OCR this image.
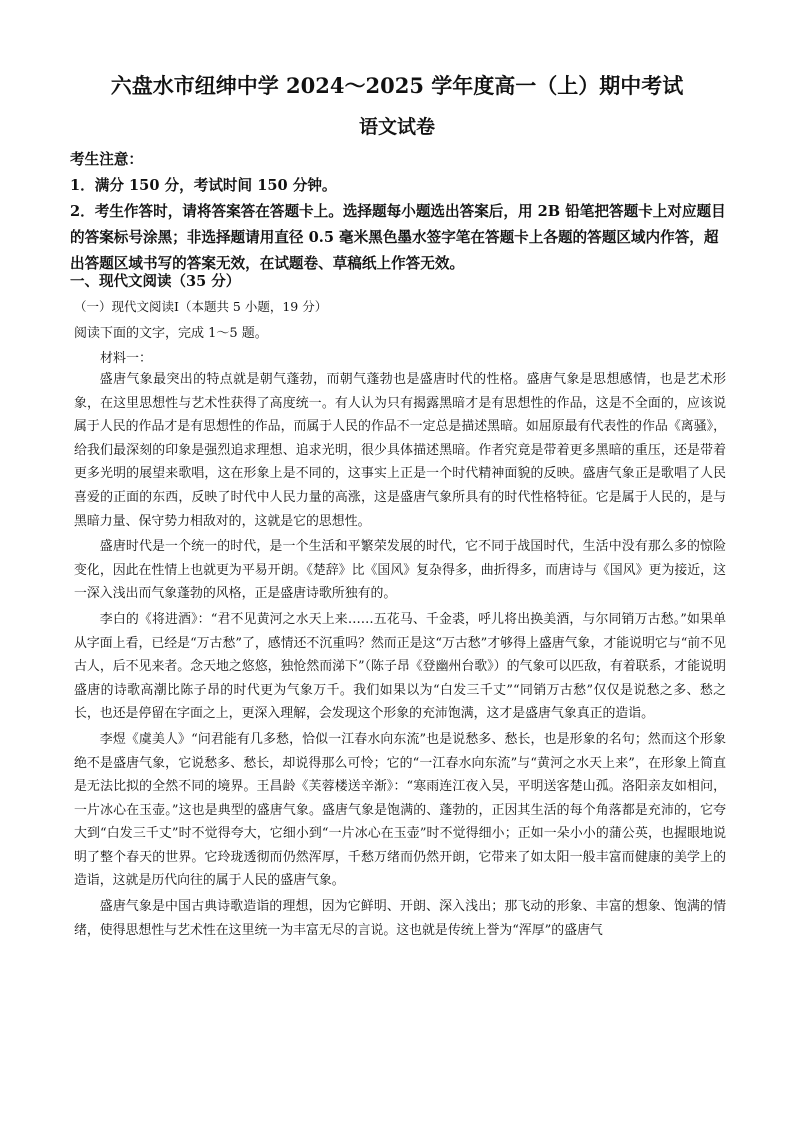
六盘水市纽绅中学 2024～2025 学年度高一（上）期中考试
语文试卷

考生注意：

1．满分 150 分，考试时间 150 分钟。

2．考生作答时，请将答案答在答题卡上。选择题每小题选出答案后，用 2B 铅笔把答题卡上对应题目的答案标号涂黑；非选择题请用直径 0.5 毫米黑色墨水签字笔在答题卡上各题的答题区域内作答，超出答题区域书写的答案无效，在试题卷、草稿纸上作答无效。

一、现代文阅读（35 分）
（一）现代文阅读Ⅰ（本题共 5 小题，19 分）
阅读下面的文字，完成 1～5 题。
材料一：

盛唐气象最突出的特点就是朝气蓬勃，而朝气蓬勃也是盛唐时代的性格。盛唐气象是思想感情，也是艺术形象，在这里思想性与艺术性获得了高度统一。有人认为只有揭露黑暗才是有思想性的作品，这是不全面的，应该说属于人民的作品才是有思想性的作品，而属于人民的作品不一定总是描述黑暗。如屈原最有代表性的作品《离骚》，给我们最深刻的印象是强烈追求理想、追求光明，很少具体描述黑暗。作者究竟是带着更多黑暗的重压，还是带着更多光明的展望来歌唱，这在形象上是不同的，这事实上正是一个时代精神面貌的反映。盛唐气象正是歌唱了人民喜爱的正面的东西，反映了时代中人民力量的高涨，这是盛唐气象所具有的时代性格特征。它是属于人民的，是与黑暗力量、保守势力相敌对的，这就是它的思想性。

盛唐时代是一个统一的时代，是一个生活和平繁荣发展的时代，它不同于战国时代，生活中没有那么多的惊险变化，因此在性情上也就更为平易开朗。《楚辞》比《国风》复杂得多，曲折得多，而唐诗与《国风》更为接近，这一深入浅出而气象蓬勃的风格，正是盛唐诗歌所独有的。

李白的《将进酒》：“君不见黄河之水天上来……五花马、千金裘，呼儿将出换美酒，与尔同销万古愁。”如果单从字面上看，已经是“万古愁”了，感情还不沉重吗？然而正是这“万古愁”才够得上盛唐气象，才能说明它与“前不见古人，后不见来者。念天地之悠悠，独怆然而涕下”（陈子昂《登幽州台歌》）的气象可以匹敌，有着联系，才能说明盛唐的诗歌高潮比陈子昂的时代更为气象万千。我们如果以为“白发三千丈”“同销万古愁”仅仅是说愁之多、愁之长，也还是停留在字面之上，更深入理解，会发现这个形象的充沛饱满，这才是盛唐气象真正的造诣。

李煜《虞美人》“问君能有几多愁，恰似一江春水向东流”也是说愁多、愁长，也是形象的名句；然而这个形象绝不是盛唐气象，它说愁多、愁长，却说得那么可怜；它的“一江春水向东流”与“黄河之水天上来”，在形象上简直是无法比拟的全然不同的境界。王昌龄《芙蓉楼送辛渐》：“寒雨连江夜入吴，平明送客楚山孤。洛阳亲友如相问，一片冰心在玉壶。”这也是典型的盛唐气象。盛唐气象是饱满的、蓬勃的，正因其生活的每个角落都是充沛的，它夸大到“白发三千丈”时不觉得夸大，它细小到“一片冰心在玉壶”时不觉得细小；正如一朵小小的蒲公英，也握眼地说明了整个春天的世界。它玲珑透彻而仍然浑厚，千愁万绪而仍然开朗，它带来了如太阳一般丰富而健康的美学上的造诣，这就是历代向往的属于人民的盛唐气象。

盛唐气象是中国古典诗歌造诣的理想，因为它鲜明、开朗、深入浅出；那飞动的形象、丰富的想象、饱满的情绪，使得思想性与艺术性在这里统一为丰富无尽的言说。这也就是传统上誉为“浑厚”的盛唐气
